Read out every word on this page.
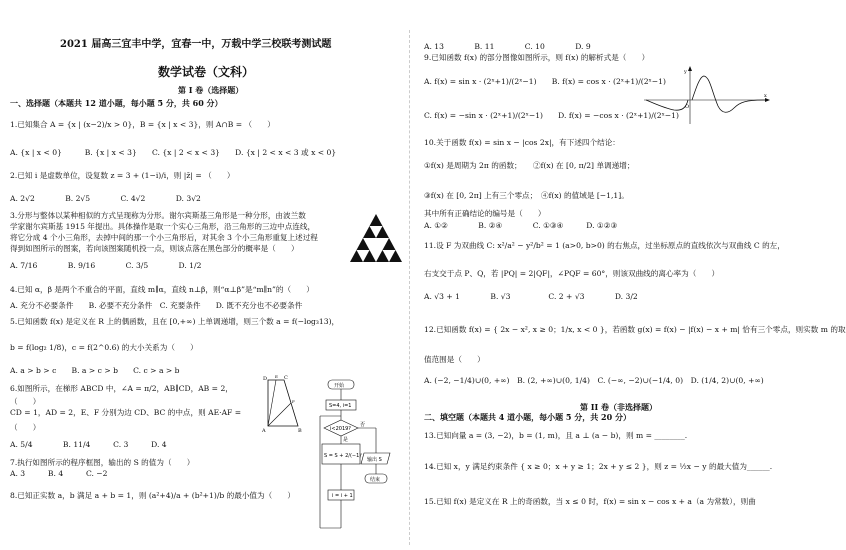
2021 届高三宜丰中学，宜春一中，万载中学三校联考测试题
数学试卷（文科）
第 I 卷（选择题）
一、选择题（本题共 12 道小题，每小题 5 分，共 60 分）
1.已知集合 A = {x | (x−2)/x > 0}，B = {x | x < 3}，则 A∩B = （　　）
A. {x | x < 0}　　　B. {x | x < 3}　　C. {x | 2 < x < 3}　　D. {x | 2 < x < 3 或 x < 0}
2.已知 i 是虚数单位，设复数 z = 3 + (1−i)/i，则 |z̄| = （　　）
A. 2√2　　　　B. 2√5　　　　C. 4√2　　　　D. 3√2
3.分形与整体以某种相似的方式呈现称为分形。谢尔宾斯基三角形是一种分形，由波兰数
学家谢尔宾斯基 1915 年提出。具体操作是取一个实心三角形，沿三角形的三边中点连线，
将它分成 4 个小三角形，去掉中间的那一个小三角形后，对其余 3 个小三角形重复上述过程
得到如图所示的图案，若向该图案随机投一点，则该点落在黑色部分的概率是（　　）
A. 7/16　　　　B. 9/16　　　　C. 3/5　　　　D. 1/2
4.已知 α，β 是两个不重合的平面，直线 m∥α，直线 n⊥β，则“α⊥β”是“m∥n”的（　　）
A. 充分不必要条件　　B. 必要不充分条件　C. 充要条件　　D. 既不充分也不必要条件
5.已知函数 f(x) 是定义在 R 上的偶函数，且在 [0,+∞) 上单调递增，则三个数 a = f(−log₃13)，
b = f(log₂ 1/8)，c = f(2^0.6) 的大小关系为（　　）
A. a > b > c　　B. a > c > b　　C. c > a > b
6.如图所示，在梯形 ABCD 中，∠A = π/2，AB∥CD，AB = 2，
（　　）
CD = 1，AD = 2，E、F 分别为边 CD、BC 的中点，则 AE·AF =
（　　）
A. 5/4　　　　B. 11/4　　　C. 3　　　D. 4
7.执行如图所示的程序框图，输出的 S 的值为（　　）
A. 3　　　B. 4　　　C. −2
8.已知正实数 a，b 满足 a + b = 1，则 (a²+4)/a + (b²+1)/b 的最小值为（　　）
D	C
E
F
A	B
开始
S=4, i=1
i<2019?
否
是
S = S + 2/(−1)ⁱ
输出 S
结束
i = i + 1
A. 13　　　　B. 11　　　　C. 10　　　　D. 9
9.已知函数 f(x) 的部分图像如图所示，则 f(x) 的解析式是（　　）
A. f(x) = sin x · (2ˣ+1)/(2ˣ−1)　　B. f(x) = cos x · (2ˣ+1)/(2ˣ−1)
C. f(x) = −sin x · (2ˣ+1)/(2ˣ−1)　　D. f(x) = −cos x · (2ˣ+1)/(2ˣ−1)
10.关于函数 f(x) = sin x − |cos 2x|，有下述四个结论：
①f(x) 是周期为 2π 的函数；　　②f(x) 在 [0, π/2] 单调递增；
③f(x) 在 [0, 2π] 上有三个零点；　④f(x) 的值域是 [−1,1]。
其中所有正确结论的编号是（　　）
A. ①②　　　　B. ②④　　　　C. ①③④　　　D. ①②③
11.设 F 为双曲线 C: x²/a² − y²/b² = 1 (a>0, b>0) 的右焦点，过坐标原点的直线依次与双曲线 C 的左，
右支交于点 P、Q，若 |PQ| = 2|QF|，∠PQF = 60°，则该双曲线的离心率为（　　）
A. √3 + 1　　　　B. √3　　　　　C. 2 + √3　　　　D. 3/2
12.已知函数 f(x) = { 2x − x², x ≥ 0；1/x, x < 0 }，若函数 g(x) = f(x) − |f(x) − x + m| 恰有三个零点，则实数 m 的取
值范围是（　　）
A. (−2, −1/4)∪(0, +∞)　B. (2, +∞)∪(0, 1/4)　C. (−∞, −2)∪(−1/4, 0)　D. (1/4, 2)∪(0, +∞)
第 II 卷（非选择题）
二、填空题（本题共 4 道小题，每小题 5 分，共 20 分）
13.已知向量 a = (3, −2)，b = (1, m)，且 a ⊥ (a − b)，则 m = ________.
14.已知 x，y 满足约束条件 { x ≥ 0；x + y ≥ 1；2x + y ≤ 2 }，则 z = ½x − y 的最大值为______.
15.已知 f(x) 是定义在 R 上的奇函数，当 x ≤ 0 时，f(x) = sin x − cos x + a（a 为常数），则曲
y
x
O
